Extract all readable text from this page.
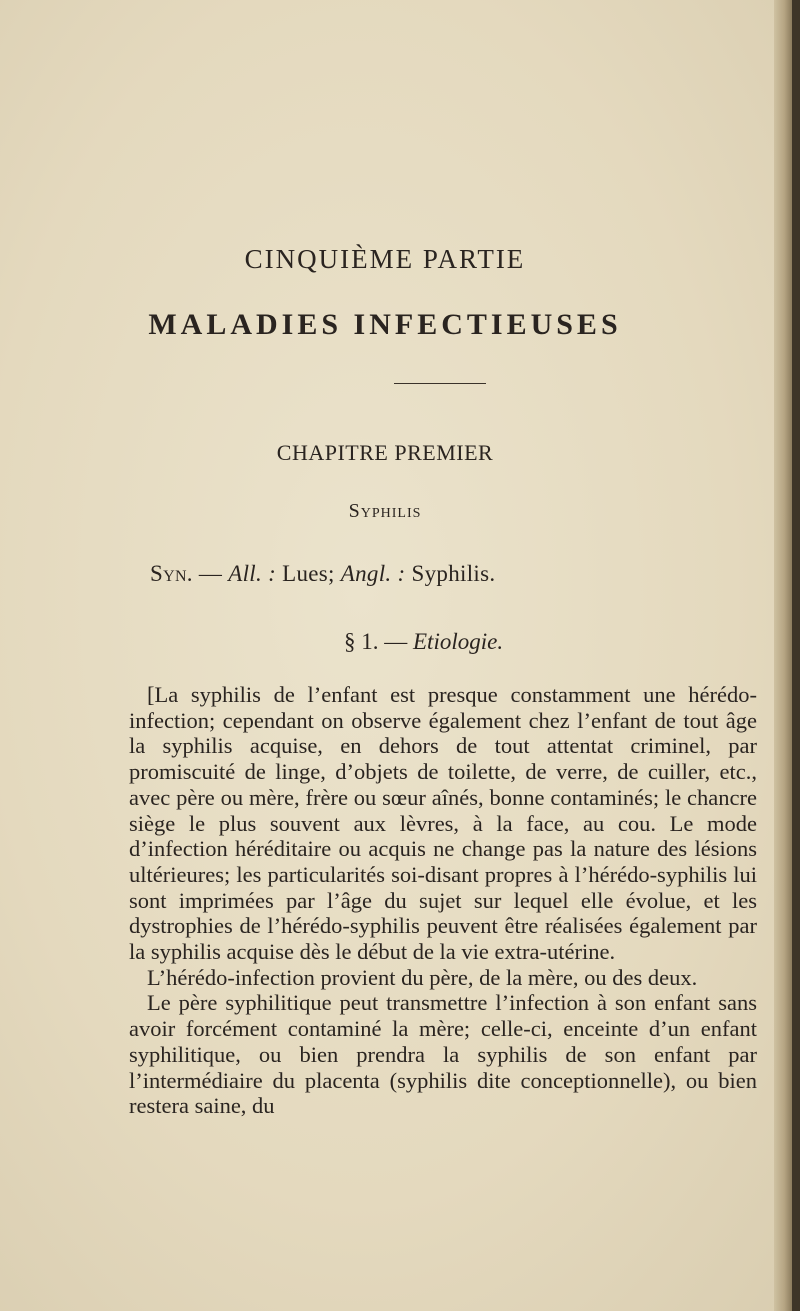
CINQUIÈME PARTIE
MALADIES INFECTIEUSES
CHAPITRE PREMIER
Syphilis
Syn. — All. : Lues; Angl. : Syphilis.
§ 1. — Etiologie.

[La syphilis de l’enfant est presque constamment une hérédo-infection; cependant on observe également chez l’enfant de tout âge la syphilis acquise, en dehors de tout attentat criminel, par promiscuité de linge, d’objets de toilette, de verre, de cuiller, etc., avec père ou mère, frère ou sœur aînés, bonne contaminés; le chancre siège le plus souvent aux lèvres, à la face, au cou. Le mode d’infection héréditaire ou acquis ne change pas la nature des lésions ultérieures; les particularités soi-disant propres à l’hérédo-syphilis lui sont imprimées par l’âge du sujet sur lequel elle évolue, et les dystrophies de l’hérédo-syphilis peuvent être réalisées également par la syphilis acquise dès le début de la vie extra-utérine.

L’hérédo-infection provient du père, de la mère, ou des deux.

Le père syphilitique peut transmettre l’infection à son enfant sans avoir forcément contaminé la mère; celle-ci, enceinte d’un enfant syphilitique, ou bien prendra la syphilis de son enfant par l’intermédiaire du placenta (syphilis dite conceptionnelle), ou bien restera saine, du
